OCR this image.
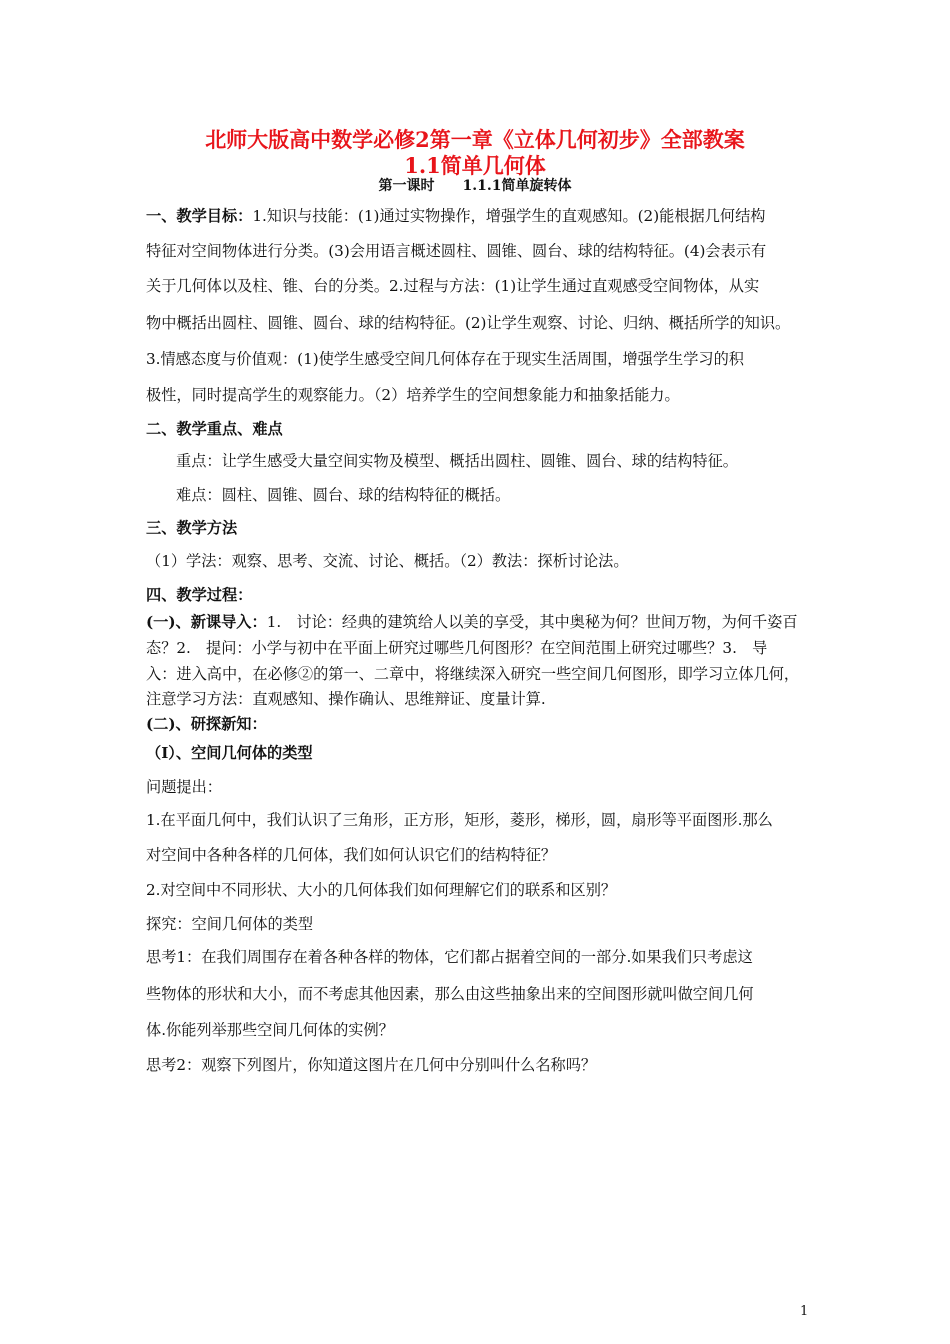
北师大版高中数学必修2第一章《立体几何初步》全部教案
1.1简单几何体
第一课时　　1.1.1简单旋转体
一、教学目标：1.知识与技能：(1)通过实物操作，增强学生的直观感知。(2)能根据几何结构
特征对空间物体进行分类。(3)会用语言概述圆柱、圆锥、圆台、球的结构特征。(4)会表示有
关于几何体以及柱、锥、台的分类。2.过程与方法：(1)让学生通过直观感受空间物体，从实
物中概括出圆柱、圆锥、圆台、球的结构特征。(2)让学生观察、讨论、归纳、概括所学的知识。
3.情感态度与价值观：(1)使学生感受空间几何体存在于现实生活周围，增强学生学习的积
极性，同时提高学生的观察能力。（2）培养学生的空间想象能力和抽象括能力。
二、教学重点、难点
重点：让学生感受大量空间实物及模型、概括出圆柱、圆锥、圆台、球的结构特征。
难点：圆柱、圆锥、圆台、球的结构特征的概括。
三、教学方法
（1）学法：观察、思考、交流、讨论、概括。（2）教法：探析讨论法。
四、教学过程：
(一)、新课导入：1.　讨论：经典的建筑给人以美的享受，其中奥秘为何？世间万物，为何千姿百
态？2.　提问：小学与初中在平面上研究过哪些几何图形？在空间范围上研究过哪些？3.　导
入：进入高中，在必修②的第一、二章中，将继续深入研究一些空间几何图形，即学习立体几何，
注意学习方法：直观感知、操作确认、思维辩证、度量计算.
(二)、研探新知：
（Ⅰ）、空间几何体的类型
问题提出：
1.在平面几何中，我们认识了三角形，正方形，矩形，菱形，梯形，圆，扇形等平面图形.那么
对空间中各种各样的几何体，我们如何认识它们的结构特征？
2.对空间中不同形状、大小的几何体我们如何理解它们的联系和区别？
探究：空间几何体的类型
思考1：在我们周围存在着各种各样的物体，它们都占据着空间的一部分.如果我们只考虑这
些物体的形状和大小，而不考虑其他因素，那么由这些抽象出来的空间图形就叫做空间几何
体.你能列举那些空间几何体的实例？
思考2：观察下列图片，你知道这图片在几何中分别叫什么名称吗？
1
